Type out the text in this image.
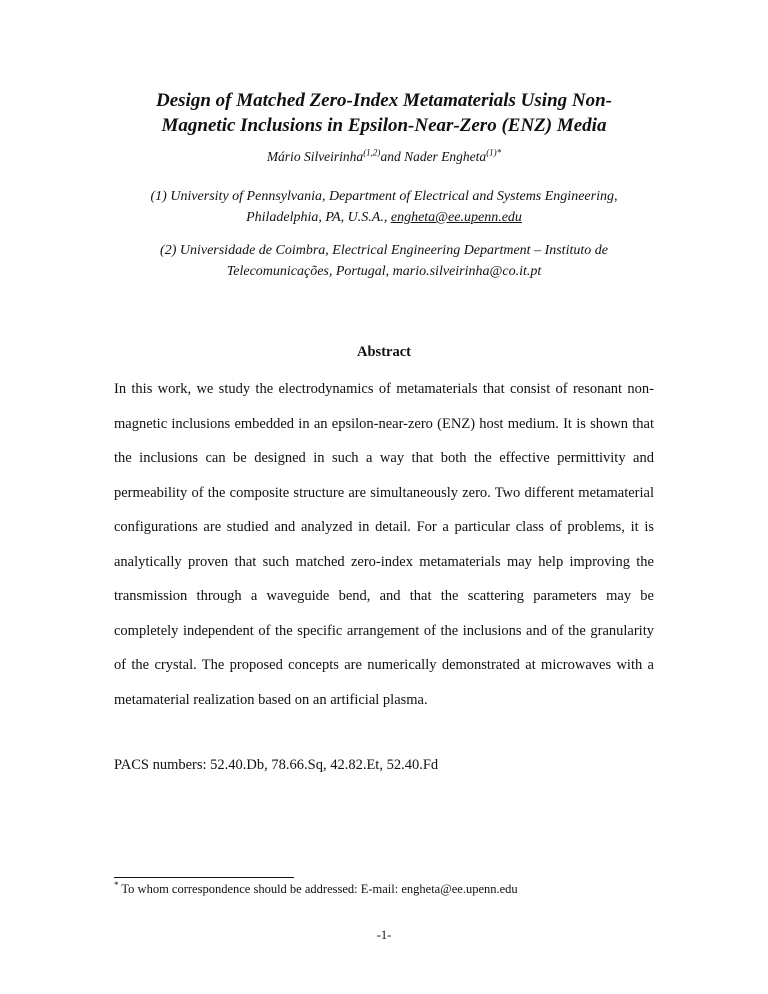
Design of Matched Zero-Index Metamaterials Using Non-
Magnetic Inclusions in Epsilon-Near-Zero (ENZ) Media
Mário Silveirinha$^{(1,2)}$and Nader Engheta$^{(1)*}$
(1) University of Pennsylvania, Department of Electrical and Systems Engineering, Philadelphia, PA, U.S.A., engheta@ee.upenn.edu
(2) Universidade de Coimbra, Electrical Engineering Department – Instituto de Telecomunicações, Portugal, mario.silveirinha@co.it.pt
Abstract
In this work, we study the electrodynamics of metamaterials that consist of resonant non-magnetic inclusions embedded in an epsilon-near-zero (ENZ) host medium. It is shown that the inclusions can be designed in such a way that both the effective permittivity and permeability of the composite structure are simultaneously zero. Two different metamaterial configurations are studied and analyzed in detail. For a particular class of problems, it is analytically proven that such matched zero-index metamaterials may help improving the transmission through a waveguide bend, and that the scattering parameters may be completely independent of the specific arrangement of the inclusions and of the granularity of the crystal. The proposed concepts are numerically demonstrated at microwaves with a metamaterial realization based on an artificial plasma.
PACS numbers: 52.40.Db, 78.66.Sq, 42.82.Et, 52.40.Fd
* To whom correspondence should be addressed: E-mail: engheta@ee.upenn.edu
-1-
